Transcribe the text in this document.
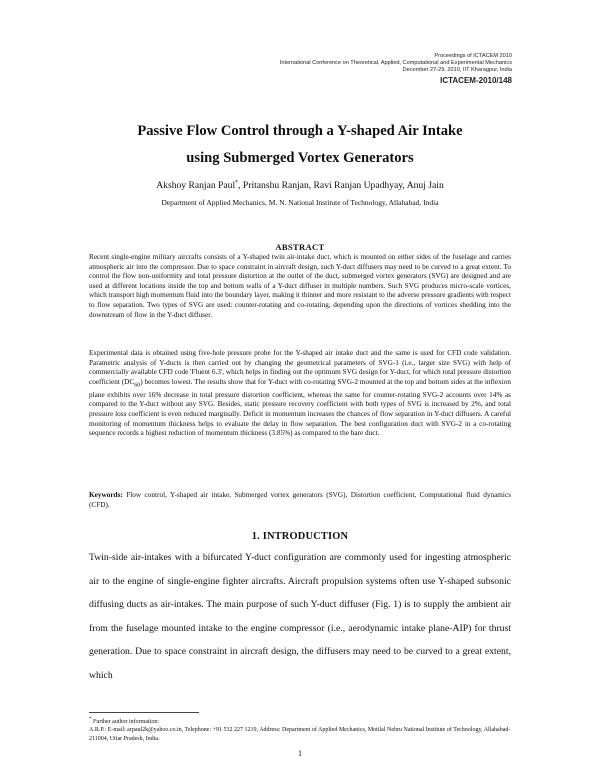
Proceedings of ICTACEM 2010
International Conference on Theoretical, Applied, Computational and Experimental Mechanics
December 27-29, 2010, IIT Kharagpur, India
ICTACEM-2010/148
Passive Flow Control through a Y-shaped Air Intake
using Submerged Vortex Generators
Akshoy Ranjan Paul*, Pritanshu Ranjan, Ravi Ranjan Upadhyay, Anuj Jain
Department of Applied Mechanics, M. N. National Institute of Technology, Allahabad, India
ABSTRACT

Recent single-engine military aircrafts consists of a Y-shaped twin air-intake duct, which is mounted on either sides of the fuselage and carries atmospheric air into the compressor. Due to space constraint in aircraft design, such Y-duct diffusers may need to be curved to a great extent. To control the flow non-uniformity and total pressure distortion at the outlet of the duct, submerged vortex generators (SVG) are designed and are used at different locations inside the top and bottom walls of a Y-duct diffuser in multiple numbers. Such SVG produces micro-scale vortices, which transport high momentum fluid into the boundary layer, making it thinner and more resistant to the adverse pressure gradients with respect to flow separation. Two types of SVG are used: counter-rotating and co-rotating, depending upon the directions of vortices shedding into the downstream of flow in the Y-duct diffuser.

Experimental data is obtained using five-hole pressure probe for the Y-shaped air intake duct and the same is used for CFD code validation. Parametric analysis of Y-ducts is then carried out by changing the geometrical parameters of SVG-1 (i.e., larger size SVG) with help of commercially available CFD code 'Fluent 6.3', which helps in finding out the optimum SVG design for Y-duct, for which total pressure distortion coefficient $(DC_{60})$ becomes lowest. The results show that for Y-duct with co-rotating SVG-2 mounted at the top and bottom sides at the inflexion plane exhibits over 16% decrease in total pressure distortion coefficient, whereas the same for counter-rotating SVG-2 accounts over 14% as compared to the Y-duct without any SVG. Besides, static pressure recovery coefficient with both types of SVG is increased by 2%, and total pressure loss coefficient is even reduced marginally. Deficit in momentum increases the chances of flow separation in Y-duct diffusers. A careful monitoring of momentum thickness helps to evaluate the delay in flow separation. The best configuration duct with SVG-2 in a co-rotating sequence records a highest reduction of momentum thickness (3.85%) as compared to the bare duct.

Keywords: Flow control, Y-shaped air intake, Submerged vortex generators (SVG), Distortion coefficient, Computational fluid dynamics (CFD).

1. INTRODUCTION

Twin-side air-intakes with a bifurcated Y-duct configuration are commonly used for ingesting atmospheric air to the engine of single-engine fighter aircrafts. Aircraft propulsion systems often use Y-shaped subsonic diffusing ducts as air-intakes. The main purpose of such Y-duct diffuser (Fig. 1) is to supply the ambient air from the fuselage mounted intake to the engine compressor (i.e., aerodynamic intake plane-AIP) for thrust generation. Due to space constraint in aircraft design, the diffusers may need to be curved to a great extent, which

* Further author information:
A.R.P.: E-mail: arpaul2k@yahoo.co.in, Telephone: +91 532 227 1219, Address: Department of Applied Mechanics, Motilal Nehru National Institute of Technology, Allahabad-211004, Uttar Pradesh, India.
1
